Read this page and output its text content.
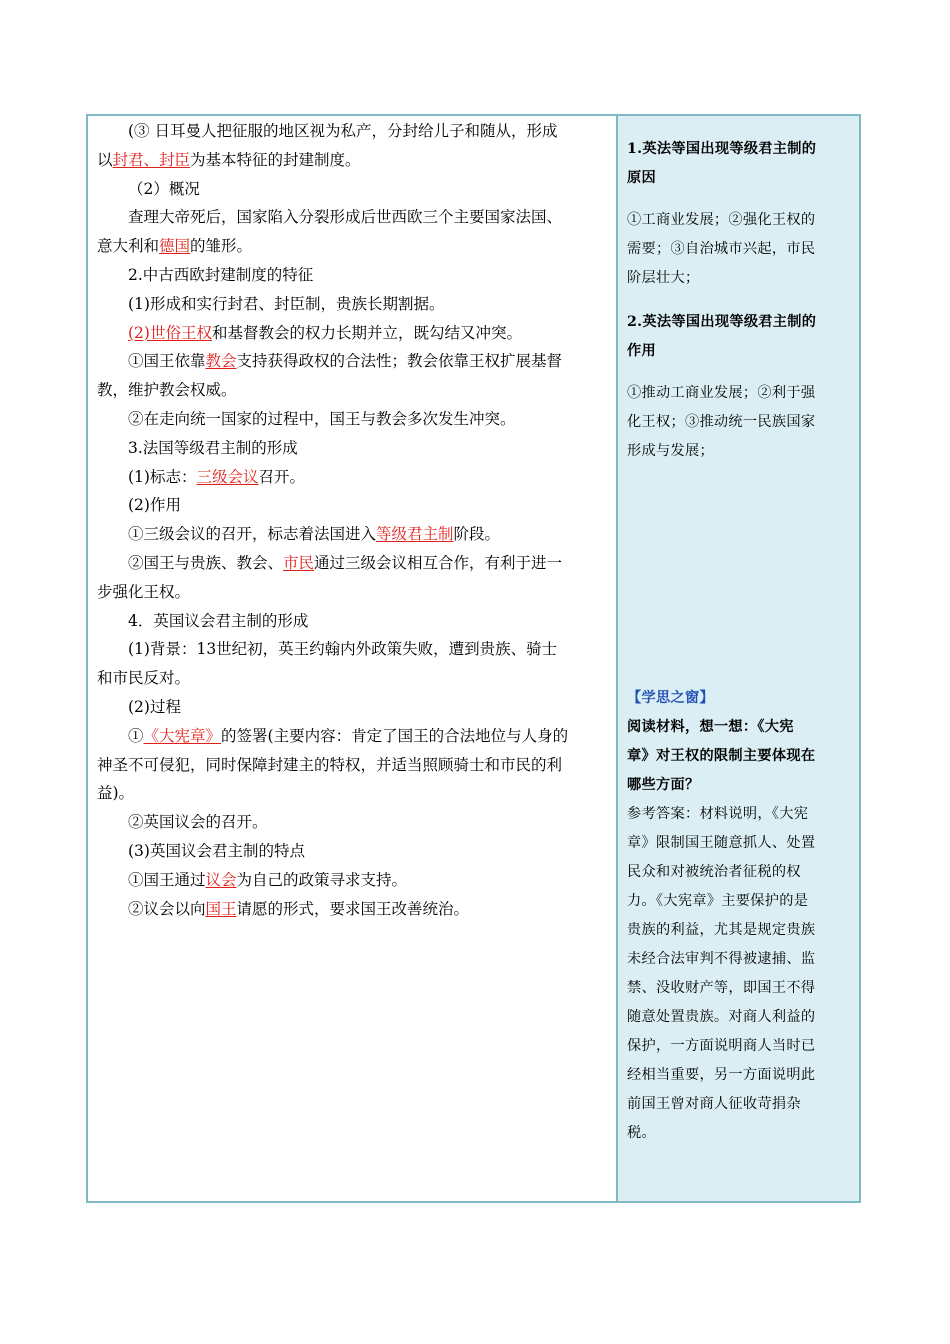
(③ 日耳曼人把征服的地区视为私产，分封给儿子和随从，形成

以封君、封臣为基本特征的封建制度。

（2）概况

查理大帝死后，国家陷入分裂形成后世西欧三个主要国家法国、

意大利和德国的雏形。

2.中古西欧封建制度的特征

(1)形成和实行封君、封臣制，贵族长期割据。

(2)世俗王权和基督教会的权力长期并立，既勾结又冲突。

①国王依靠教会支持获得政权的合法性；教会依靠王权扩展基督

教，维护教会权威。

②在走向统一国家的过程中，国王与教会多次发生冲突。

3.法国等级君主制的形成

(1)标志：三级会议召开。

(2)作用

①三级会议的召开，标志着法国进入等级君主制阶段。

②国王与贵族、教会、市民通过三级会议相互合作，有利于进一

步强化王权。

4．英国议会君主制的形成

(1)背景：13世纪初，英王约翰内外政策失败，遭到贵族、骑士

和市民反对。

(2)过程

①《大宪章》的签署(主要内容：肯定了国王的合法地位与人身的

神圣不可侵犯，同时保障封建主的特权，并适当照顾骑士和市民的利

益)。

②英国议会的召开。

(3)英国议会君主制的特点

①国王通过议会为自己的政策寻求支持。

②议会以向国王请愿的形式，要求国王改善统治。

1.英法等国出现等级君主制的

原因

①工商业发展；②强化王权的

需要；③自治城市兴起，市民

阶层壮大；

2.英法等国出现等级君主制的

作用

①推动工商业发展；②利于强

化王权；③推动统一民族国家

形成与发展；

【学思之窗】

阅读材料，想一想：《大宪

章》对王权的限制主要体现在

哪些方面？

参考答案：材料说明，《大宪

章》限制国王随意抓人、处置

民众和对被统治者征税的权

力。《大宪章》主要保护的是

贵族的利益，尤其是规定贵族

未经合法审判不得被逮捕、监

禁、没收财产等，即国王不得

随意处置贵族。对商人利益的

保护，一方面说明商人当时已

经相当重要，另一方面说明此

前国王曾对商人征收苛捐杂

税。
